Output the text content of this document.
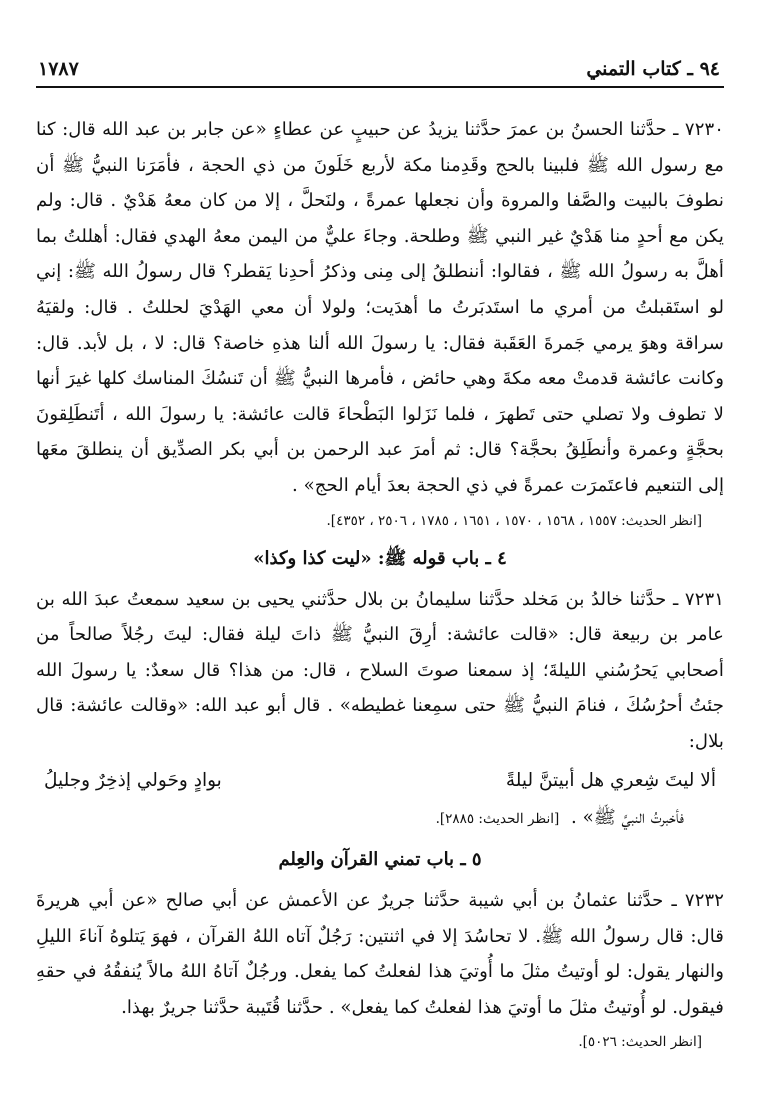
٩٤ ـ كتاب التمني
١٧٨٧

٧٢٣٠ ـ حدَّثنا الحسنُ بن عمرَ حدَّثنا يزيدُ عن حبيبٍ عن عطاءٍ «عن جابر بن عبد الله قال: كنا مع رسول الله ﷺ فلبينا بالحج وقَدِمنا مكة لأربع خَلَونَ من ذي الحجة ، فأمَرَنا النبيُّ ﷺ أن نطوفَ بالبيت والصَّفا والمروة وأن نجعلها عمرةً ، ولنَحلَّ ، إلا من كان معهُ هَدْيٌ . قال: ولم يكن مع أحدٍ منا هَدْيٌ غير النبي ﷺ وطلحة. وجاءَ عليٌّ من اليمن معهُ الهدي فقال: أهللتُ بما أهلَّ به رسولُ الله ﷺ ، فقالوا: أننطلقُ إلى مِنى وذكرُ أحدِنا يَقطر؟ قال رسولُ الله ﷺ: إني لو استَقبلتُ من أمري ما استَدبَرتُ ما أهدَيت؛ ولولا أن معي الهَدْيَ لحللتُ . قال: ولقيَهُ سراقة وهوَ يرمي جَمرةَ العَقَبة فقال: يا رسولَ الله ألنا هذهِ خاصة؟ قال: لا ، بل لأبد. قال: وكانت عائشة قدمتْ معه مكةَ وهي حائض ، فأمرها النبيُّ ﷺ أن تَنسُكَ المناسك كلها غيرَ أنها لا تطوف ولا تصلي حتى تَطهرَ ، فلما نَزَلوا البَطْحاءَ قالت عائشة: يا رسولَ الله ، أتَنطَلِقونَ بحجَّةٍ وعمرة وأنطَلِقُ بحجَّة؟ قال: ثم أمرَ عبد الرحمن بن أبي بكر الصدِّيق أن ينطلقَ معَها إلى التنعيم فاعتَمرَت عمرةً في ذي الحجة بعدَ أيام الحج» .

[انظر الحديث: ١٥٥٧ ، ١٥٦٨ ، ١٥٧٠ ، ١٦٥١ ، ١٧٨٥ ، ٢٥٠٦ ، ٤٣٥٢].
٤ ـ باب قوله ﷺ: «ليت كذا وكذا»

٧٢٣١ ـ حدَّثنا خالدُ بن مَخلد حدَّثنا سليمانُ بن بلال حدَّثني يحيى بن سعيد سمعتُ عبدَ الله بن عامر بن ربيعة قال: «قالت عائشة: أرِقَ النبيُّ ﷺ ذاتَ ليلة فقال: ليتَ رجُلاً صالحاً من أصحابي يَحرُسُني الليلةَ؛ إذ سمعنا صوتَ السلاح ، قال: من هذا؟ قال سعدٌ: يا رسولَ الله جئتُ أحرُسُكَ ، فنامَ النبيُّ ﷺ حتى سمِعنا غطيطه» . قال أبو عبد الله: «وقالت عائشة: قال بلال:

ألا ليتَ شِعري هل أبيتنَّ ليلةً
بوادٍ وحَولي إذخِرٌ وجليلُ

فأخبرتُ النبيَّ ﷺ» . [انظر الحديث: ٢٨٨٥].

٥ ـ باب تمني القرآن والعِلم

٧٢٣٢ ـ حدَّثنا عثمانُ بن أبي شيبة حدَّثنا جريرٌ عن الأعمش عن أبي صالح «عن أبي هريرةَ قال: قال رسولُ الله ﷺ. لا تحاسُدَ إلا في اثنتين: رَجُلٌ آتاه اللهُ القرآن ، فهوَ يَتلوهُ آناءَ الليلِ والنهار يقول: لو أوتيتُ مثلَ ما أُوتيَ هذا لفعلتُ كما يفعل. ورجُلٌ آتاهُ اللهُ مالاً يُنفقُهُ في حقهِ فيقول. لو أُوتيتُ مثلَ ما أوتيَ هذا لفعلتُ كما يفعل» . حدَّثنا قُتَيبة حدَّثنا جريرٌ بهذا.

[انظر الحديث: ٥٠٢٦].
